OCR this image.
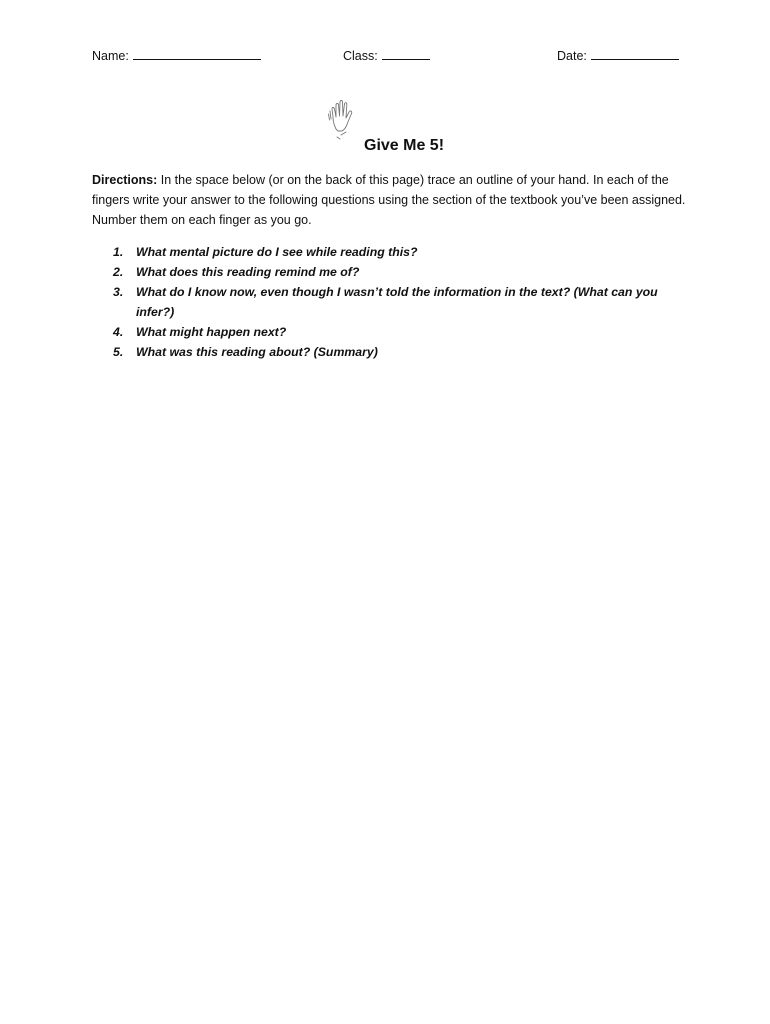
Name:	Class:	Date:
Give Me 5!
Directions: In the space below (or on the back of this page) trace an outline of your hand. In each of the fingers write your answer to the following questions using the section of the textbook you’ve been assigned. Number them on each finger as you go.
1. What mental picture do I see while reading this?
2. What does this reading remind me of?
3. What do I know now, even though I wasn’t told the information in the text? (What can you infer?)
4. What might happen next?
5. What was this reading about? (Summary)
